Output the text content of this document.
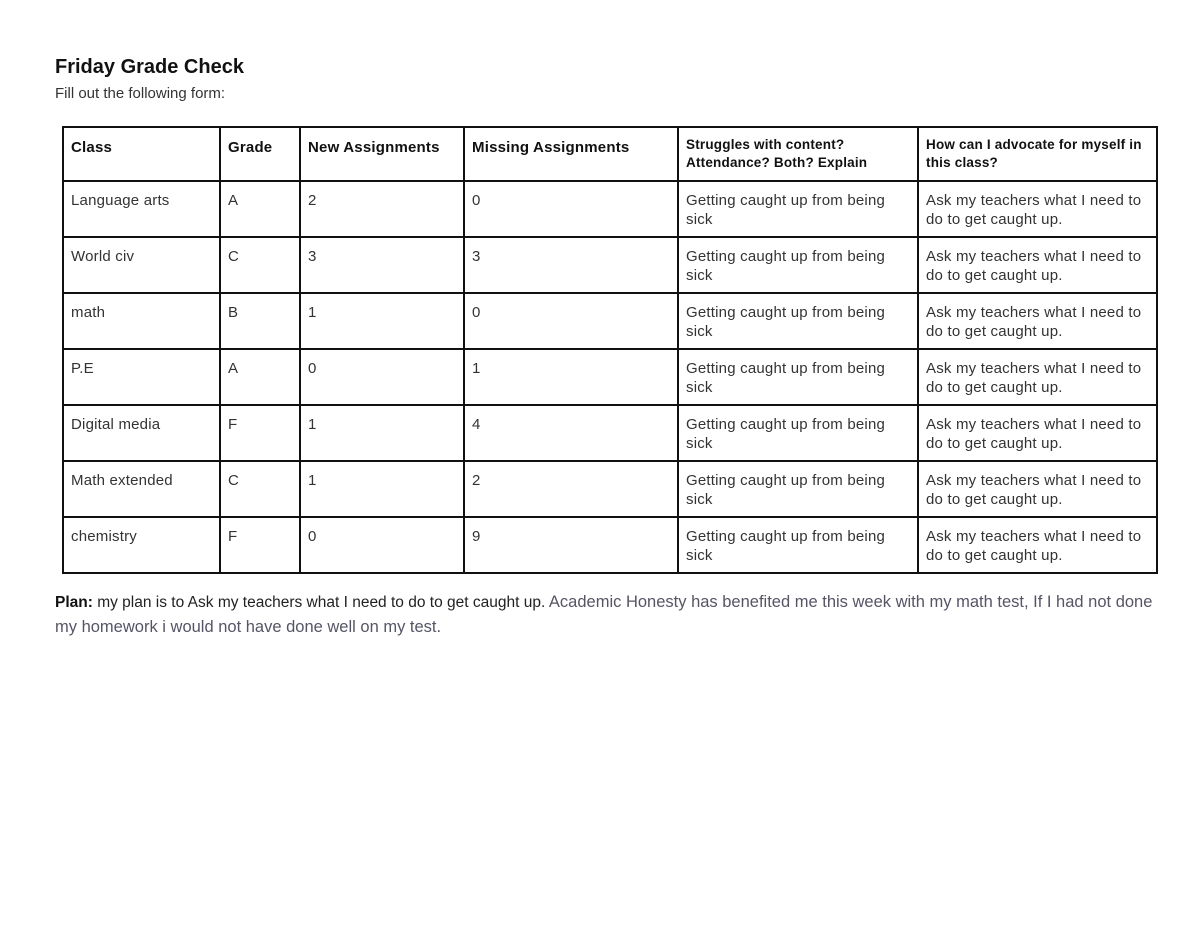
Friday Grade Check

Fill out the following form:

Class	Grade	New Assignments	Missing Assignments	Struggles with content? Attendance? Both? Explain	How can I advocate for myself in this class?
Language arts	A	2	0	Getting caught up from being sick	Ask my teachers what I need to do to get caught up.
World civ	C	3	3	Getting caught up from being sick	Ask my teachers what I need to do to get caught up.
math	B	1	0	Getting caught up from being sick	Ask my teachers what I need to do to get caught up.
P.E	A	0	1	Getting caught up from being sick	Ask my teachers what I need to do to get caught up.
Digital media	F	1	4	Getting caught up from being sick	Ask my teachers what I need to do to get caught up.
Math extended	C	1	2	Getting caught up from being sick	Ask my teachers what I need to do to get caught up.
chemistry	F	0	9	Getting caught up from being sick	Ask my teachers what I need to do to get caught up.

Plan: my plan is to Ask my teachers what I need to do to get caught up. Academic Honesty has benefited me this week with my math test, If I had not done my homework i would not have done well on my test.
